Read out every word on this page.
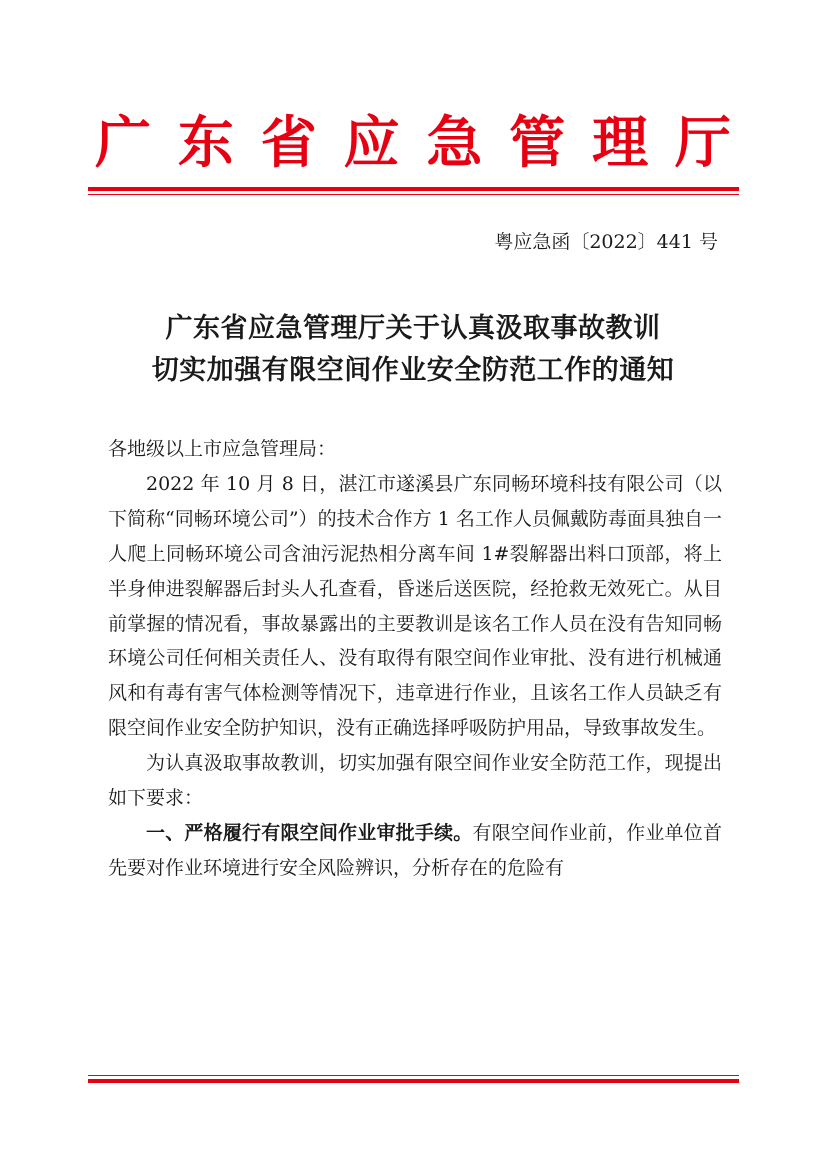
广 东 省 应 急 管 理 厅
粤应急函〔2022〕441 号
广东省应急管理厅关于认真汲取事故教训
切实加强有限空间作业安全防范工作的通知

各地级以上市应急管理局：

2022 年 10 月 8 日，湛江市遂溪县广东同畅环境科技有限公司（以下简称“同畅环境公司”）的技术合作方 1 名工作人员佩戴防毒面具独自一人爬上同畅环境公司含油污泥热相分离车间 1#裂解器出料口顶部，将上半身伸进裂解器后封头人孔查看，昏迷后送医院，经抢救无效死亡。从目前掌握的情况看，事故暴露出的主要教训是该名工作人员在没有告知同畅环境公司任何相关责任人、没有取得有限空间作业审批、没有进行机械通风和有毒有害气体检测等情况下，违章进行作业，且该名工作人员缺乏有限空间作业安全防护知识，没有正确选择呼吸防护用品，导致事故发生。

为认真汲取事故教训，切实加强有限空间作业安全防范工作，现提出如下要求：

一、严格履行有限空间作业审批手续。有限空间作业前，作业单位首先要对作业环境进行安全风险辨识，分析存在的危险有
